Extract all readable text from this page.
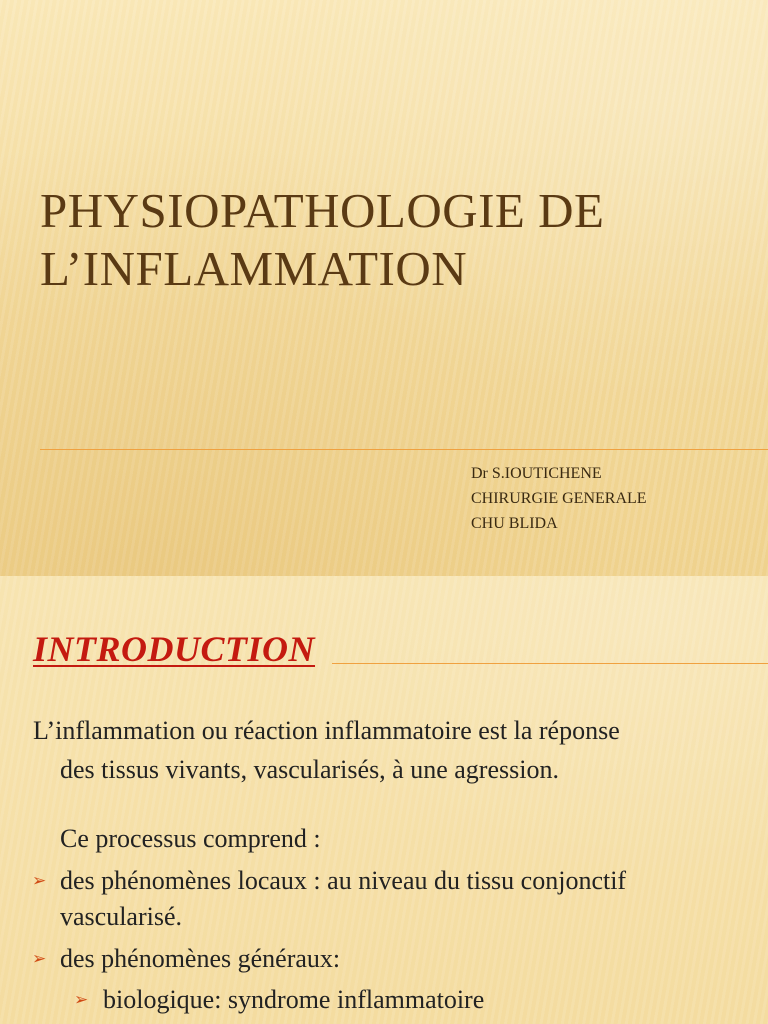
PHYSIOPATHOLOGIE DE
L’INFLAMMATION
Dr S.IOUTICHENE
CHIRURGIE GENERALE
CHU BLIDA
INTRODUCTION
L’inflammation ou réaction inflammatoire est la réponse
des tissus vivants, vascularisés, à une agression.
Ce processus comprend :
➢ des phénomènes locaux : au niveau du tissu conjonctif
vascularisé.
➢ des phénomènes généraux:
➢ biologique: syndrome inflammatoire
